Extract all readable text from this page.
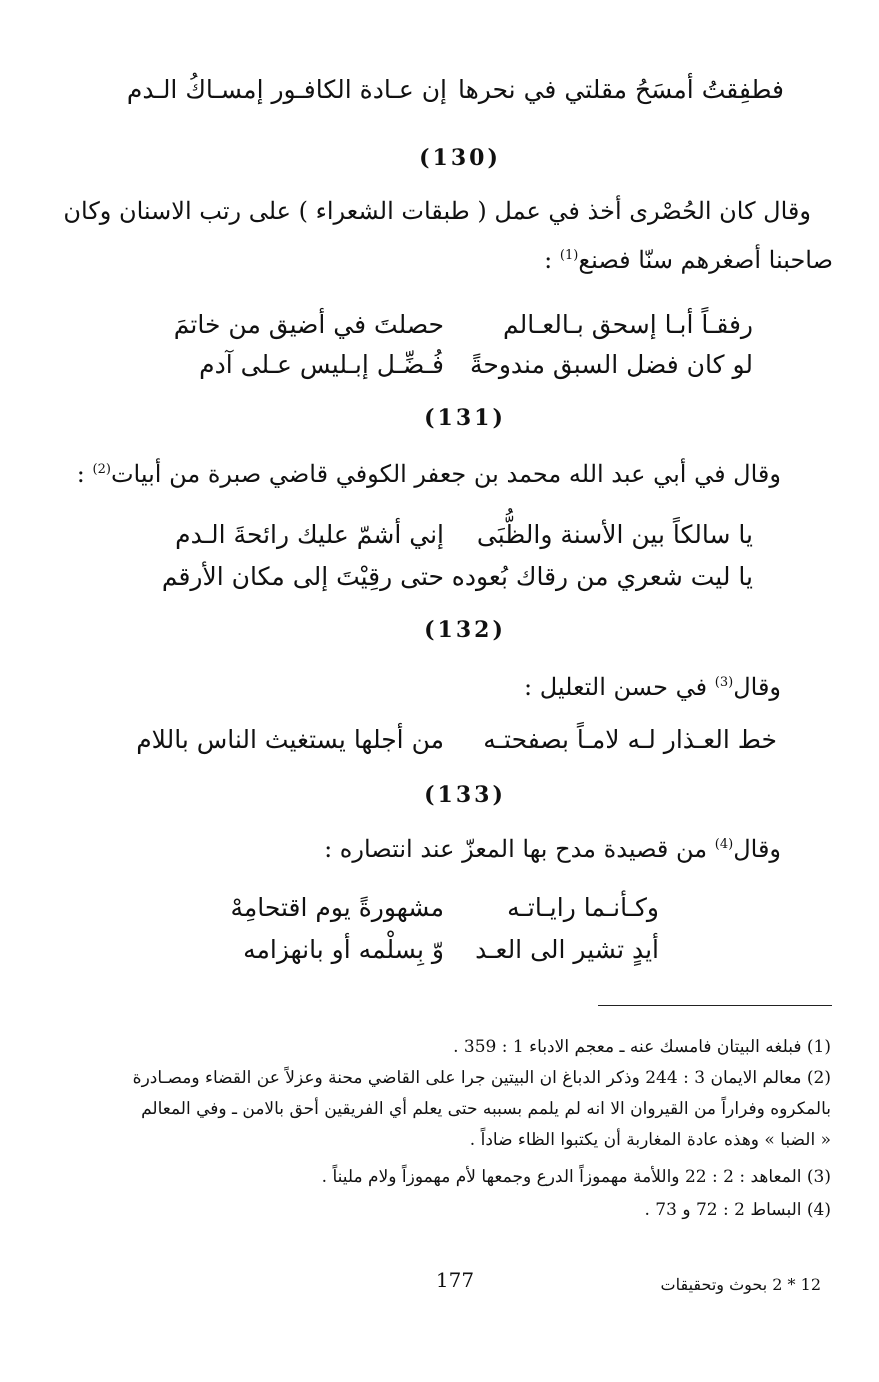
فطفِقتُ أمسَحُ مقلتي في نحرها
إن عـادة الكافـور إمسـاكُ الـدم
(130)
وقال كان الحُصْرى أخذ في عمل ( طبقات الشعراء ) على رتب الاسنان وكان
صاحبنا أصغرهم سنّا فصنع$^{(1)}$ :
رفقـاً أبـا إسحق بـالعـالم
حصلتَ في أضيق من خاتمَ
لو كان فضل السبق مندوحةً
فُـضِّـل إبـليس عـلى آدم
(131)
وقال في أبي عبد الله محمد بن جعفر الكوفي قاضي صبرة من أبيات$^{(2)}$ :
يا سالكاً بين الأسنة والظُّبَى
إني أشمّ عليك رائحةَ الـدم
يا ليت شعري من رقاك بُعوده
حتى رقِيْتَ إلى مكان الأرقم
(132)
وقال$^{(3)}$ في حسن التعليل :
خط العـذار لـه لامـاً بصفحتـه
من أجلها يستغيث الناس باللام
(133)
وقال$^{(4)}$ من قصيدة مدح بها المعزّ عند انتصاره :
وكـأنـما رايـاتـه
مشهورةً يوم اقتحامِهْ
أيدٍ تشير الى العـد
وّ بِسلْمه أو بانهزامه
(1) فبلغه البيتان فامسك عنه ـ معجم الادباء 1 : 359 .
(2) معالم الايمان 3 : 244 وذكر الدباغ ان البيتين جرا على القاضي محنة وعزلاً عن القضاء ومصـادرة
بالمكروه وفراراً من القيروان الا انه لم يلمم بسببه حتى يعلم أي الفريقين أحق بالامن ـ وفي المعالم
« الضبا » وهذه عادة المغاربة أن يكتبوا الظاء ضاداً .
(3) المعاهد : 2 : 22 واللأمة مهموزاً الدرع وجمعها لأم مهموزاً ولام مليناً .
(4) البساط 2 : 72 و 73 .
177	12 * 2 بحوث وتحقيقات
